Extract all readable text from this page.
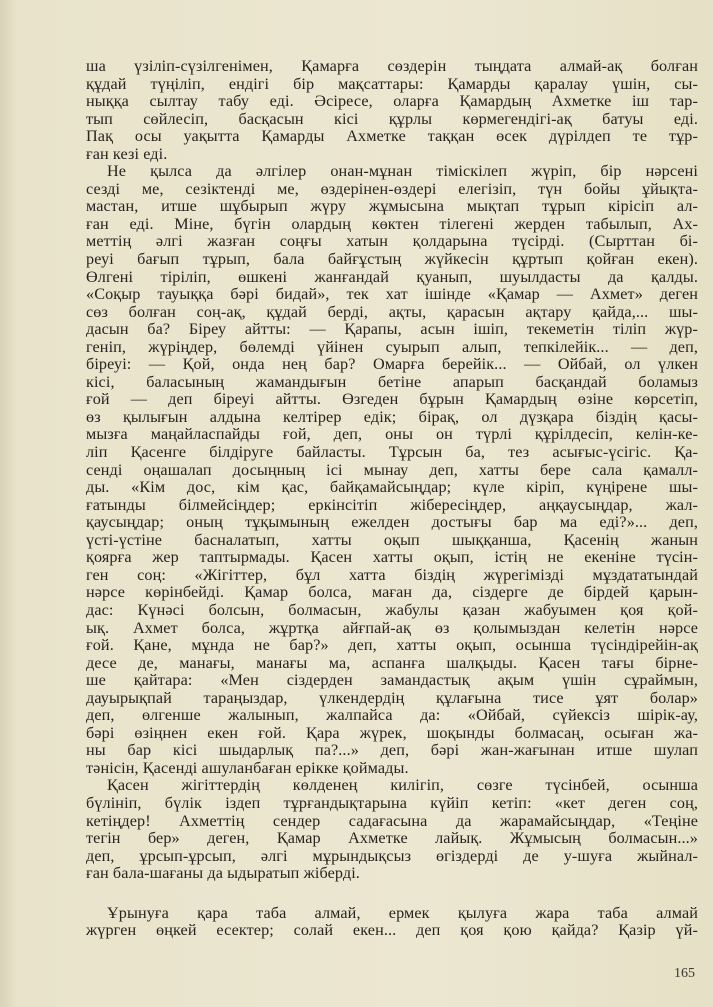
ша үзіліп-сүзілгенімен, Қамарға сөздерін тыңдата алмай-ақ болған
құдай түңіліп, ендігі бір мақсаттары: Қамарды қаралау үшін, сы-
ныққа сылтау табу еді. Әсіресе, оларға Қамардың Ахметке іш тар-
тып сөйлесіп, басқасын кісі құрлы көрмегендігі-ақ батуы еді.
Пақ осы уақытта Қамарды Ахметке таққан өсек дүрілдеп те тұр-
ған кезі еді.
Не қылса да әлгілер онан-мұнан тіміскілеп жүріп, бір нәрсені
сезді ме, сезіктенді ме, өздерінен-өздері елегізіп, түн бойы ұйықта-
мастан, итше шұбырып жүру жұмысына мықтап тұрып кірісіп ал-
ған еді. Міне, бүгін олардың көктен тілегені жерден табылып, Ах-
меттің әлгі жазған соңғы хатын қолдарына түсірді. (Сырттан бі-
реуі бағып тұрып, бала байғұстың жүйкесін құртып қойған екен).
Өлгені тіріліп, өшкені жанғандай қуанып, шуылдасты да қалды.
«Соқыр тауыққа бәрі бидай», тек хат ішінде «Қамар — Ахмет» деген
сөз болған соң-ақ, құдай берді, ақты, қарасын ақтару қайда,... шы-
дасын ба? Біреу айтты: — Қарапы, асын ішіп, текеметін тіліп жүр-
геніп, жүріңдер, бөлемді үйінен суырып алып, тепкілейік... — деп,
біреуі: — Қой, онда нең бар? Омарға берейік... — Ойбай, ол үлкен
кісі, баласының жамандығын бетіне апарып басқандай боламыз
ғой — деп біреуі айтты. Өзгеден бұрын Қамардың өзіне көрсетіп,
өз қылығын алдына келтірер едік; бірақ, ол дүзқара біздің қасы-
мызға маңайласпайды ғой, деп, оны он түрлі құрілдесіп, келін-ке-
ліп Қасенге білдіруге байласты. Тұрсын ба, тез асығыс-үсігіс. Қа-
сенді оңашалап досыңның ісі мынау деп, хатты бере сала қамалл-
ды. «Кім дос, кім қас, байқамайсыңдар; күле кіріп, күңірене шы-
ғатынды білмейсіңдер; еркінсітіп жібересіңдер, аңқаусыңдар, жал-
қаусыңдар; оның тұқымының ежелден достығы бар ма еді?»... деп,
үсті-үстіне басналатып, хатты оқып шыққанша, Қасенің жанын
қоярға жер таптырмады. Қасен хатты оқып, істің не екеніне түсін-
ген соң: «Жігіттер, бұл хатта біздің жүрегімізді мұздататындай
нәрсе көрінбейді. Қамар болса, маған да, сіздерге де бірдей қарын-
дас: Күнәсі болсын, болмасын, жабулы қазан жабуымен қоя қой-
ық. Ахмет болса, жұртқа айғпай-ақ өз қолымыздан келетін нәрсе
ғой. Қане, мұнда не бар?» деп, хатты оқып, осынша түсіндірейін-ақ
десе де, манағы, манағы ма, аспанға шалқыды. Қасен тағы бірне-
ше қайтара: «Мен сіздерден замандастық ақым үшін сұраймын,
дауырықпай тараңыздар, үлкендердің құлағына тисе ұят болар»
деп, өлгенше жалынып, жалпайса да: «Ойбай, сүйексіз шірік-ау,
бәрі өзіңнен екен ғой. Қара жүрек, шоқынды болмасаң, осыған жа-
ны бар кісі шыдарлық па?...» деп, бәрі жан-жағынан итше шулап
тәнісін, Қасенді ашуланбаған ерікке қоймады.
Қасен жігіттердің көлденең килігіп, сөзге түсінбей, осынша
бүлініп, бүлік іздеп тұрғандықтарына күйіп кетіп: «кет деген соң,
кетіңдер! Ахметтің сендер садағасына да жарамайсыңдар, «Теңіне
тегін бер» деген, Қамар Ахметке лайық. Жұмысың болмасын...»
деп, ұрсып-ұрсып, әлгі мұрындықсыз өгіздерді де у-шуға жыйнал-
ған бала-шағаны да ыдыратып жіберді.
Ұрынуға қара таба алмай, ермек қылуға жара таба алмай
жүрген өңкей есектер; солай екен... деп қоя қою қайда? Қазір үй-
165
